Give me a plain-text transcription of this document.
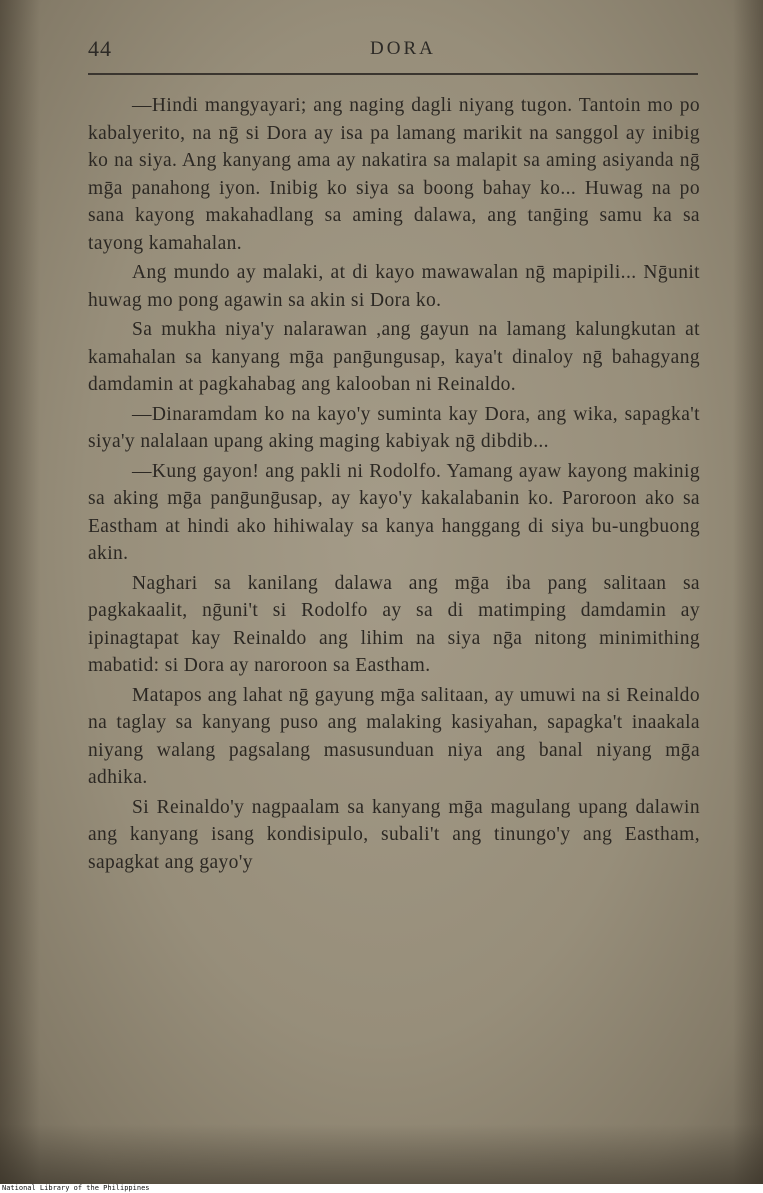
44	DORA

—Hindi mangyayari; ang naging dagli niyang tugon. Tantoin mo po kabalyerito, na nḡ si Dora ay isa pa lamang marikit na sanggol ay inibig ko na siya. Ang kanyang ama ay nakatira sa malapit sa aming asiyanda nḡ mḡa panahong iyon. Inibig ko siya sa boong bahay ko... Huwag na po sana kayong makahadlang sa aming dalawa, ang tanḡing samu ka sa tayong kamahalan.

Ang mundo ay malaki, at di kayo mawawalan nḡ mapipili... Nḡunit huwag mo pong agawin sa akin si Dora ko.

Sa mukha niya'y nalarawan ,ang gayun na lamang kalungkutan at kamahalan sa kanyang mḡa panḡungusap, kaya't dinaloy nḡ bahagyang damdamin at pagkahabag ang kalooban ni Reinaldo.

—Dinaramdam ko na kayo'y suminta kay Dora, ang wika, sapagka't siya'y nalalaan upang aking maging kabiyak nḡ dibdib...

—Kung gayon! ang pakli ni Rodolfo. Yamang ayaw kayong makinig sa aking mḡa panḡunḡusap, ay kayo'y kakalabanin ko. Paroroon ako sa Eastham at hindi ako hihiwalay sa kanya hanggang di siya bu-ungbuong akin.

Naghari sa kanilang dalawa ang mḡa iba pang salitaan sa pagkakaalit, nḡuni't si Rodolfo ay sa di matimping damdamin ay ipinagtapat kay Reinaldo ang lihim na siya nḡa nitong minimithing mabatid: si Dora ay naroroon sa Eastham.

Matapos ang lahat nḡ gayung mḡa salitaan, ay umuwi na si Reinaldo na taglay sa kanyang puso ang malaking kasiyahan, sapagka't inaakala niyang walang pagsalang masusunduan niya ang banal niyang mḡa adhika.

Si Reinaldo'y nagpaalam sa kanyang mḡa magulang upang dalawin ang kanyang isang kondisipulo, subali't ang tinungo'y ang Eastham, sapagkat ang gayo'y

National Library of the Philippines
